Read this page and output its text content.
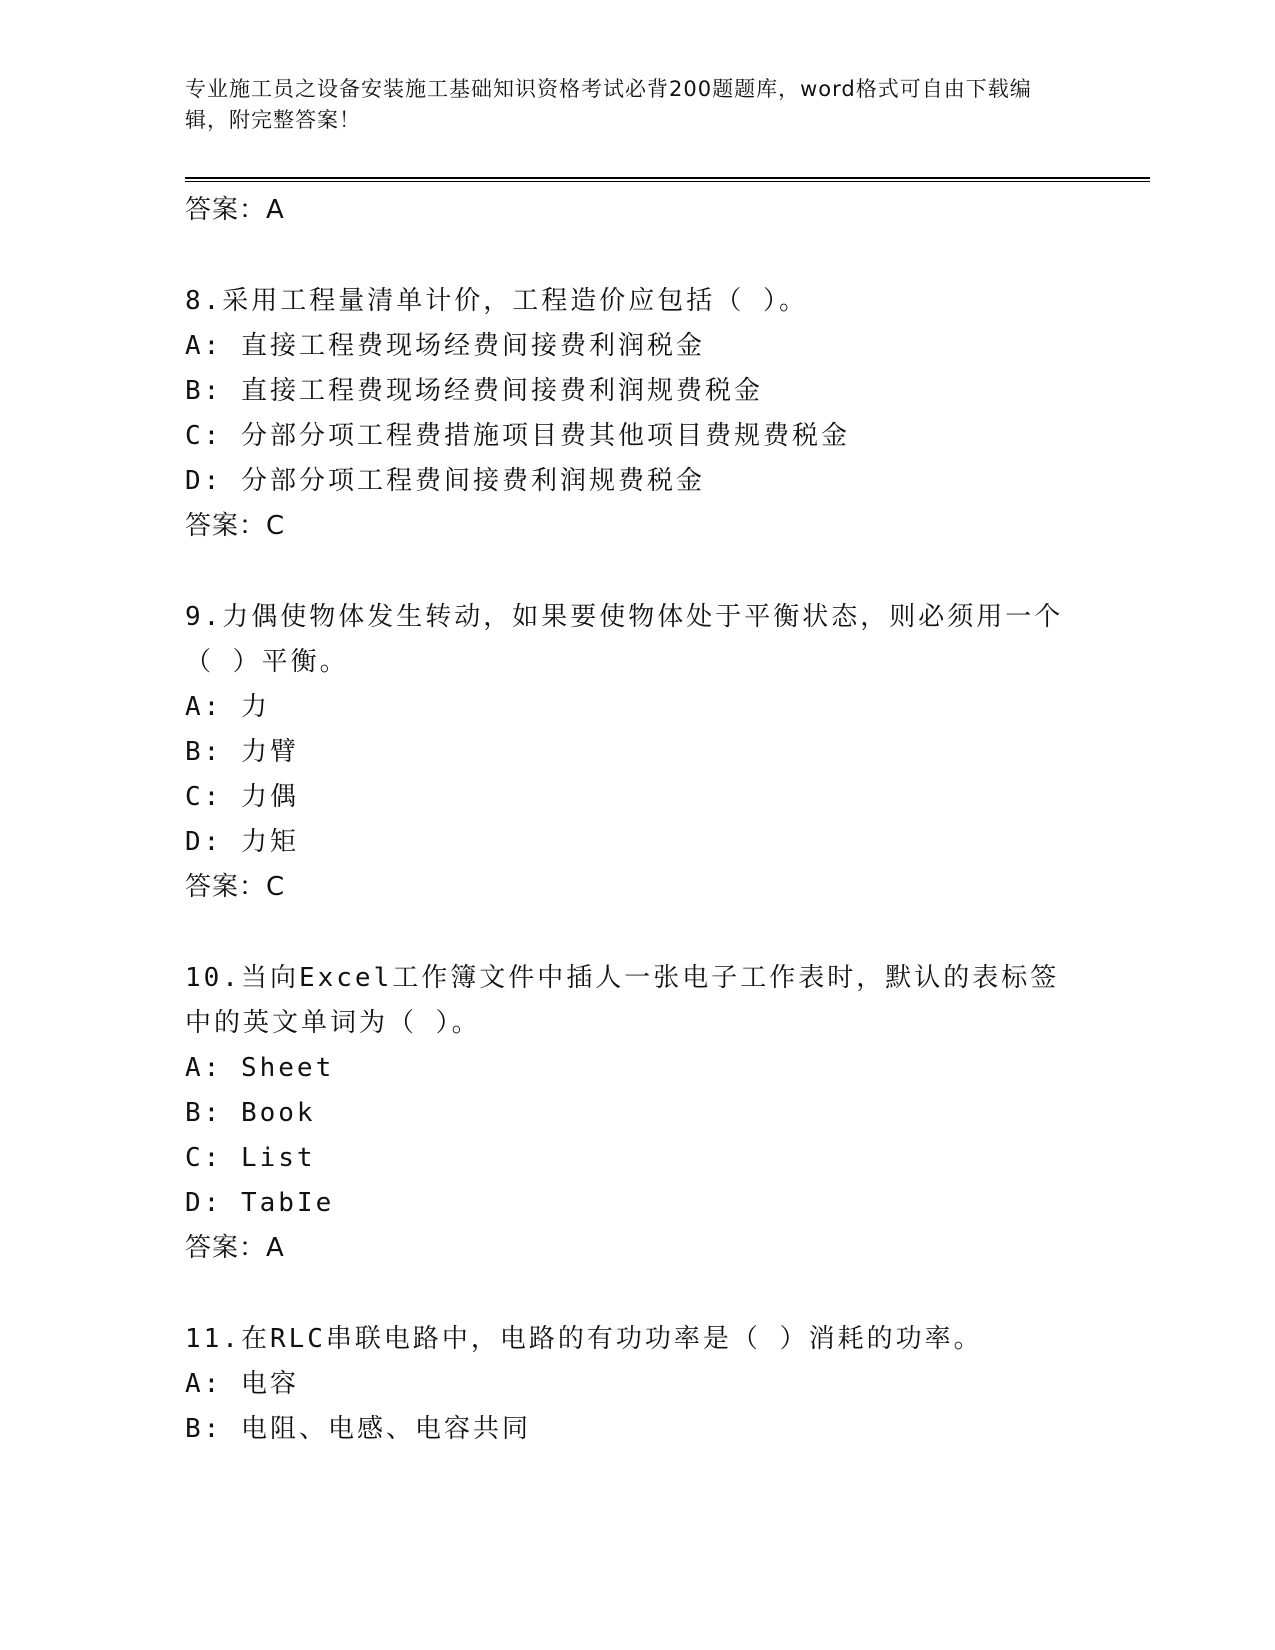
专业施工员之设备安装施工基础知识资格考试必背200题题库，word格式可自由下载编辑，附完整答案！
答案：A
8.采用工程量清单计价，工程造价应包括（ ）。
A: 直接工程费现场经费间接费利润税金
B: 直接工程费现场经费间接费利润规费税金
C: 分部分项工程费措施项目费其他项目费规费税金
D: 分部分项工程费间接费利润规费税金
答案：C
9.力偶使物体发生转动，如果要使物体处于平衡状态，则必须用一个（ ）平衡。
A: 力
B: 力臂
C: 力偶
D: 力矩
答案：C
10.当向Excel工作簿文件中插人一张电子工作表时，默认的表标签中的英文单词为（ ）。
A: Sheet
B: Book
C: List
D: TabIe
答案：A
11.在RLC串联电路中，电路的有功功率是（ ）消耗的功率。
A: 电容
B: 电阻、电感、电容共同
